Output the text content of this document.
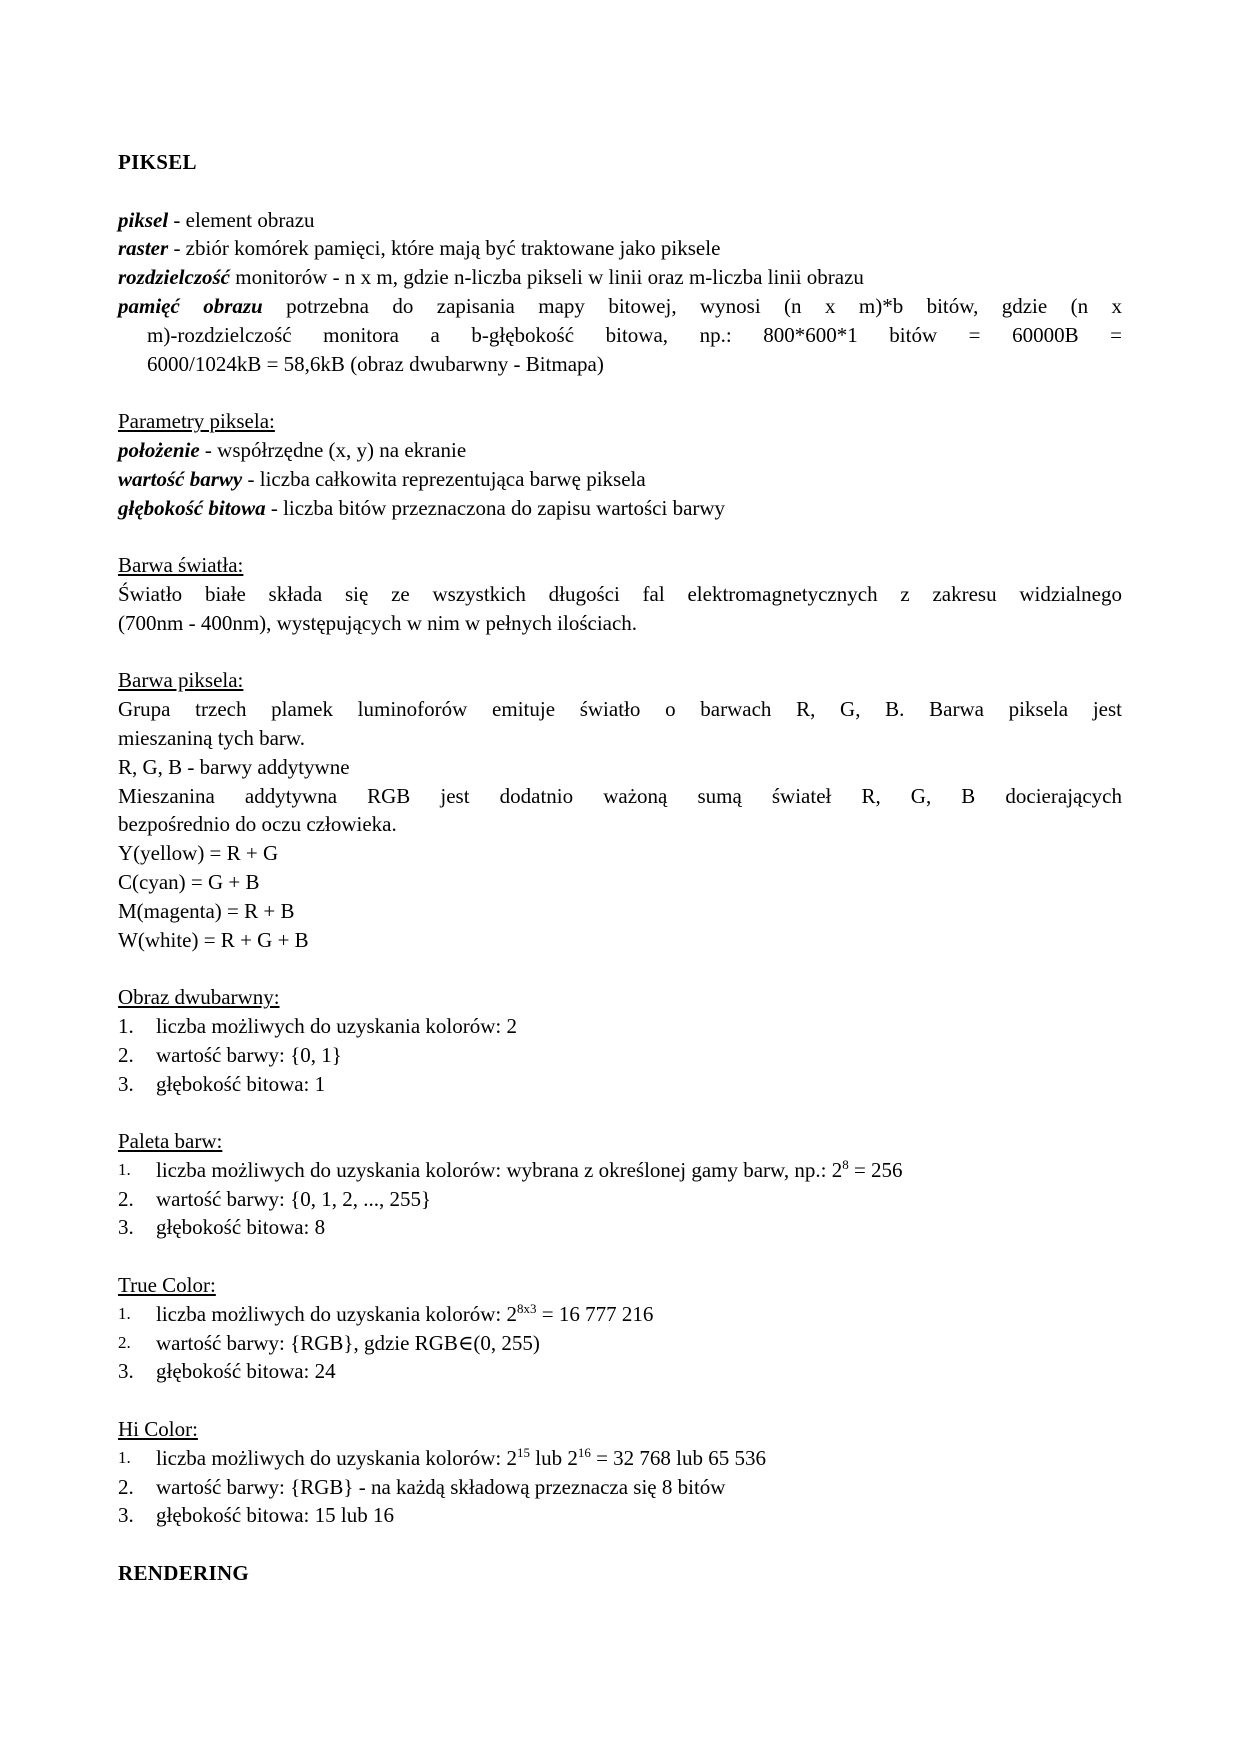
PIKSEL
piksel - element obrazu
raster - zbiór komórek pamięci, które mają być traktowane jako piksele
rozdzielczość monitorów - n x m, gdzie n-liczba pikseli w linii oraz m-liczba linii obrazu
pamięć obrazu potrzebna do zapisania mapy bitowej, wynosi (n x m)*b bitów, gdzie (n x
m)-rozdzielczość monitora a b-głębokość bitowa, np.: 800*600*1 bitów = 60000B =
6000/1024kB = 58,6kB (obraz dwubarwny - Bitmapa)
Parametry piksela:
położenie - współrzędne (x, y) na ekranie
wartość barwy - liczba całkowita reprezentująca barwę piksela
głębokość bitowa - liczba bitów przeznaczona do zapisu wartości barwy
Barwa światła:
Światło białe składa się ze wszystkich długości fal elektromagnetycznych z zakresu widzialnego
(700nm - 400nm), występujących w nim w pełnych ilościach.
Barwa piksela:
Grupa trzech plamek luminoforów emituje światło o barwach R, G, B. Barwa piksela jest
mieszaniną tych barw.
R, G, B - barwy addytywne
Mieszanina addytywna RGB jest dodatnio ważoną sumą świateł R, G, B docierających
bezpośrednio do oczu człowieka.
Y(yellow) = R + G
C(cyan) = G + B
M(magenta) = R + B
W(white) = R + G + B
Obraz dwubarwny:
1.	liczba możliwych do uzyskania kolorów: 2
2.	wartość barwy: {0, 1}
3.	głębokość bitowa: 1
Paleta barw:
1.	liczba możliwych do uzyskania kolorów: wybrana z określonej gamy barw, np.: $2^8 = 256$
2.	wartość barwy: {0, 1, 2, ..., 255}
3.	głębokość bitowa: 8
True Color:
1.	liczba możliwych do uzyskania kolorów: $2^{8x3} = 16$ 777 216
2.	wartość barwy: {RGB}, gdzie RGB∈(0, 255)
3.	głębokość bitowa: 24
Hi Color:
1.	liczba możliwych do uzyskania kolorów: $2^{15}$ lub $2^{16} = 32$ 768 lub 65 536
2.	wartość barwy: {RGB} - na każdą składową przeznacza się 8 bitów
3.	głębokość bitowa: 15 lub 16
RENDERING
